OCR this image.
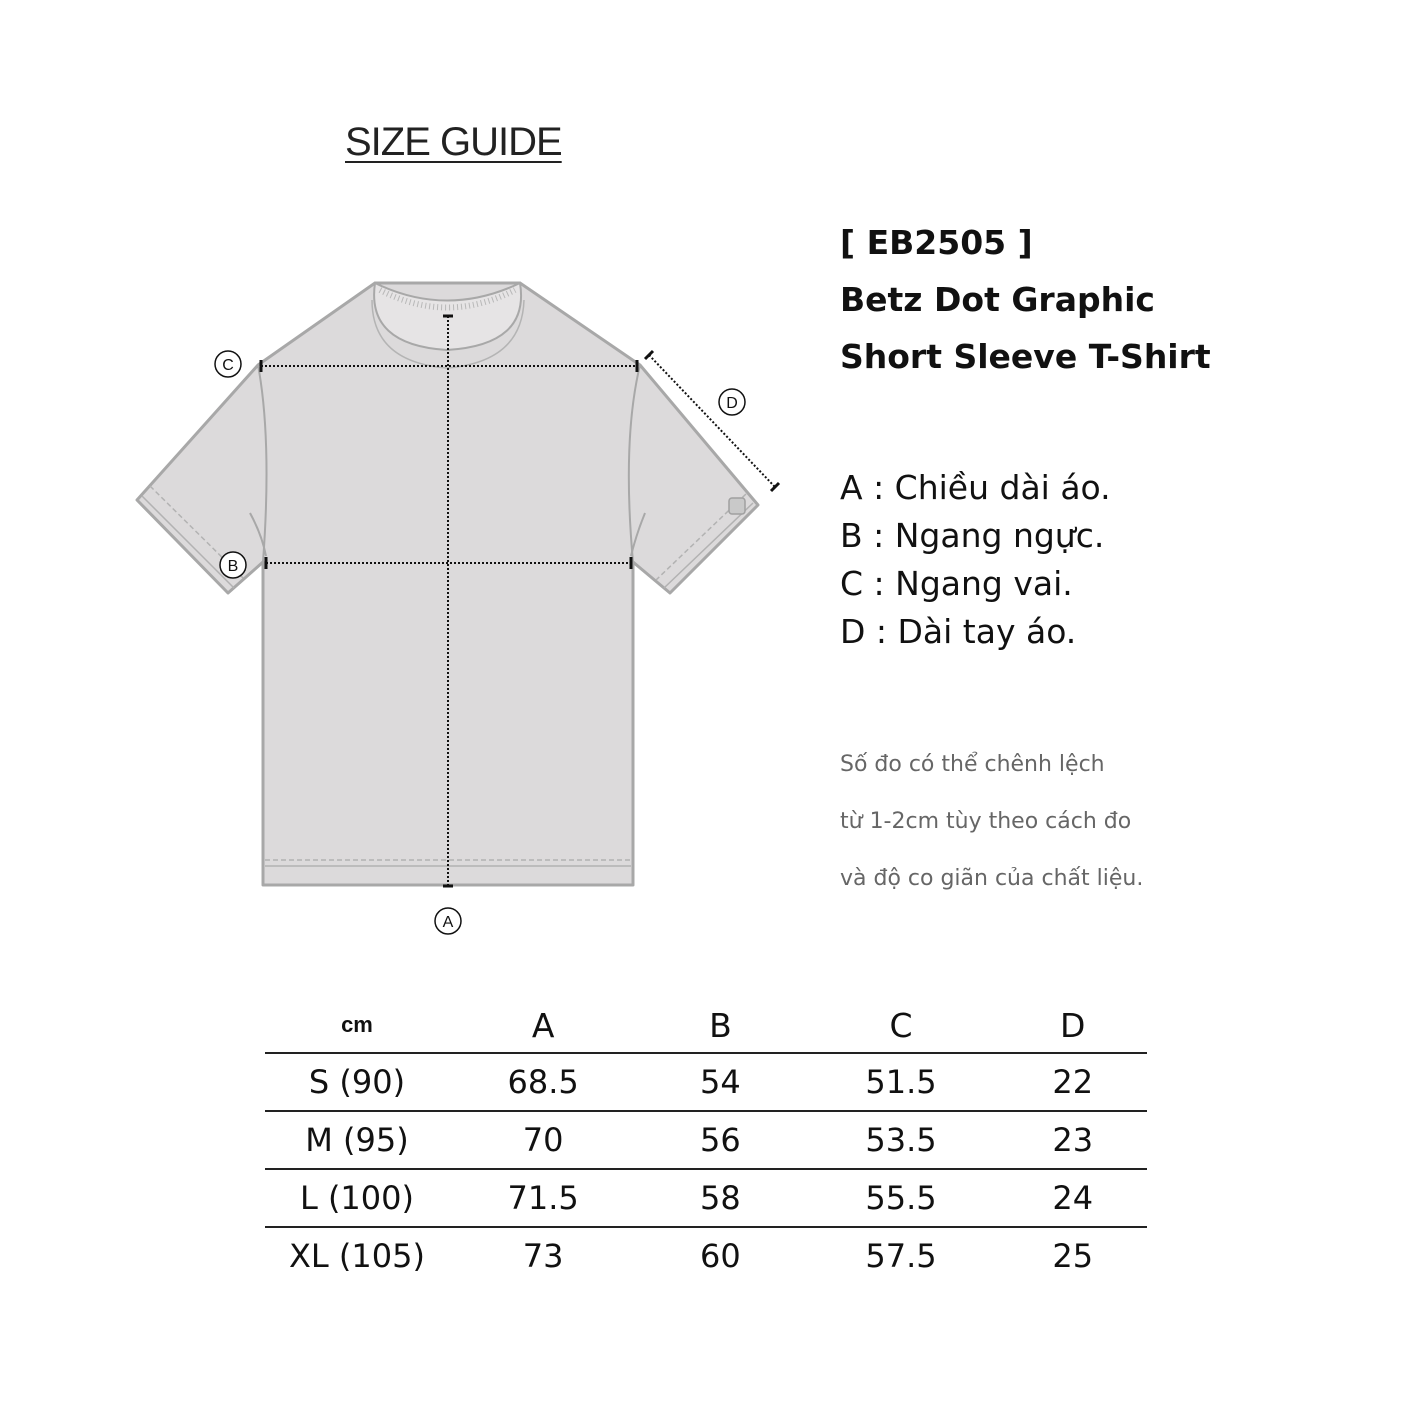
SIZE GUIDE
C
D
B
A
[ EB2505 ]
Betz Dot Graphic
Short Sleeve T-Shirt
A : Chiều dài áo.
B : Ngang ngực.
C : Ngang vai.
D : Dài tay áo.
Số đo có thể chênh lệch
từ 1-2cm tùy theo cách đo
và độ co giãn của chất liệu.
cm	A	B	C	D
S (90)	68.5	54	51.5	22
M (95)	70	56	53.5	23
L (100)	71.5	58	55.5	24
XL (105)	73	60	57.5	25
